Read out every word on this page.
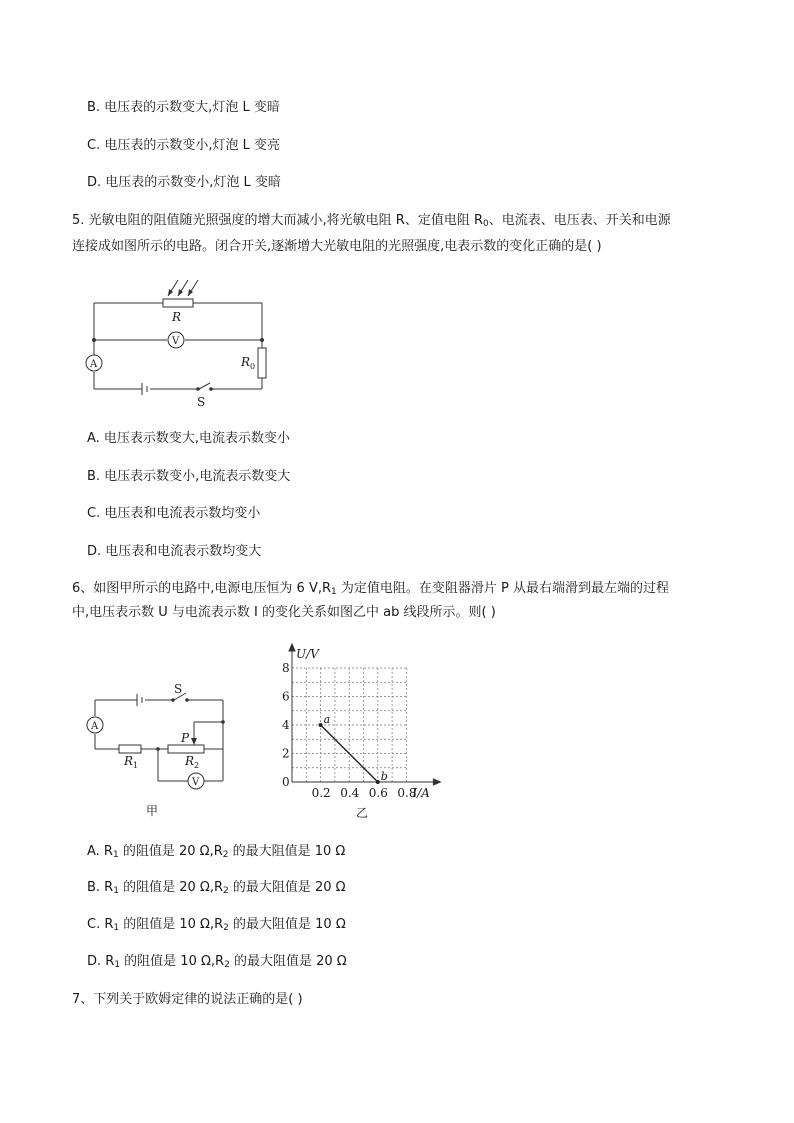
B. 电压表的示数变大,灯泡 L 变暗
C. 电压表的示数变小,灯泡 L 变亮
D. 电压表的示数变小,灯泡 L 变暗
5. 光敏电阻的阻值随光照强度的增大而减小,将光敏电阻 R、定值电阻 $R_0$、电流表、电压表、开关和电源
连接成如图所示的电路。闭合开关,逐渐增大光敏电阻的光照强度,电表示数的变化正确的是( )
R
$R_0$
S
V
A
A. 电压表示数变大,电流表示数变小
B. 电压表示数变小,电流表示数变大
C. 电压表和电流表示数均变小
D. 电压表和电流表示数均变大
6、如图甲所示的电路中,电源电压恒为 6 $V,R_1$ 为定值电阻。在变阻器滑片 P 从最右端滑到最左端的过程
中,电压表示数 U 与电流表示数 I 的变化关系如图乙中 ab 线段所示。则( )
S
P
$R_1$	$R_2$
A
V
甲
0
2
4
6
8
0.2 0.4 0.6 0.8
a
b
U/V
I/A
乙
A. $R_1$ 的阻值是 20 $\Omega,R_2$ 的最大阻值是 10 Ω
B. $R_1$ 的阻值是 20 $\Omega,R_2$ 的最大阻值是 20 Ω
C. $R_1$ 的阻值是 10 $\Omega,R_2$ 的最大阻值是 10 Ω
D. $R_1$ 的阻值是 10 $\Omega,R_2$ 的最大阻值是 20 Ω
7、下列关于欧姆定律的说法正确的是( )
